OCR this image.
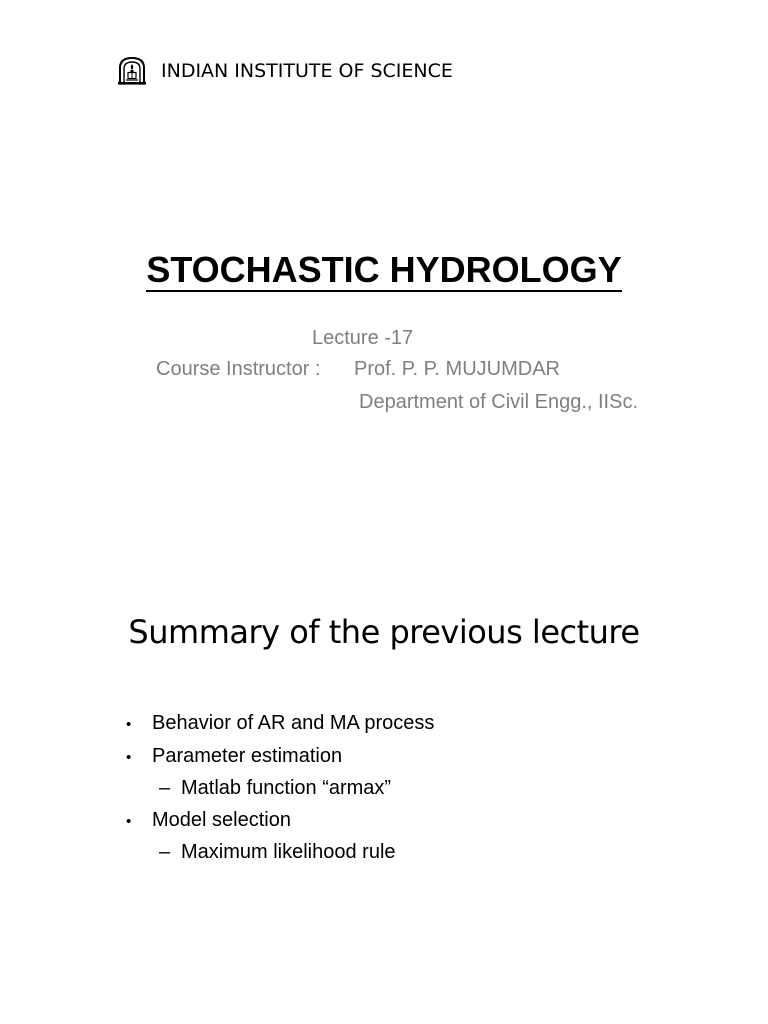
INDIAN INSTITUTE OF SCIENCE
STOCHASTIC HYDROLOGY
Lecture -17
Course Instructor : Prof. P. P. MUJUMDAR
Department of Civil Engg., IISc.
Summary of the previous lecture
•	Behavior of AR and MA process
•	Parameter estimation
– Matlab function “armax”
•	Model selection
– Maximum likelihood rule
